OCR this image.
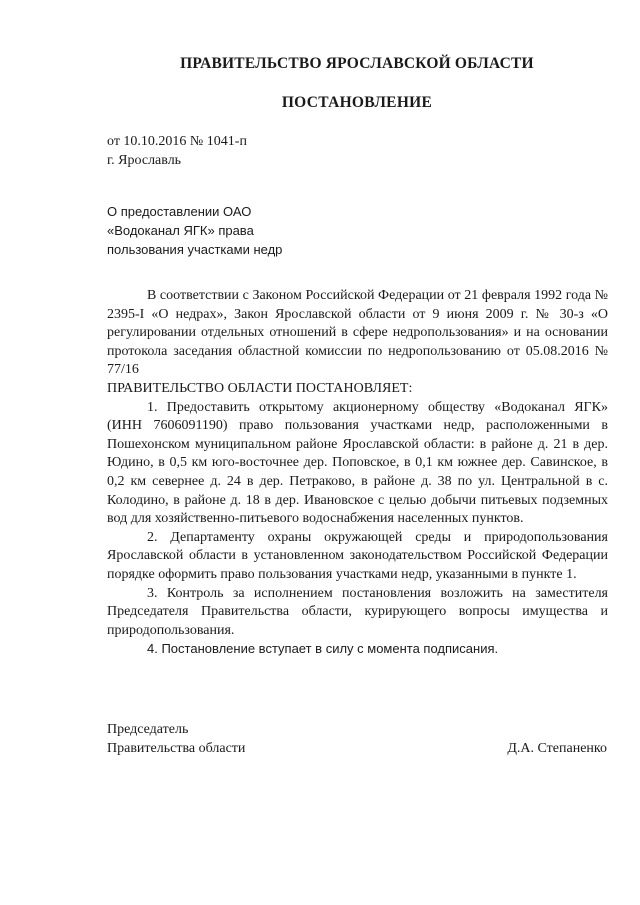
ПРАВИТЕЛЬСТВО ЯРОСЛАВСКОЙ ОБЛАСТИ
ПОСТАНОВЛЕНИЕ
от 10.10.2016 № 1041-п
г. Ярославль
О предоставлении ОАО
«Водоканал ЯГК» права
пользования участками недр

В соответствии с Законом Российской Федерации от 21 февраля 1992 года № 2395-I «О недрах», Закон Ярославской области от 9 июня 2009 г. № 30-з «О регулировании отдельных отношений в сфере недропользования» и на основании протокола заседания областной комиссии по недропользованию от 05.08.2016 № 77/16

ПРАВИТЕЛЬСТВО ОБЛАСТИ ПОСТАНОВЛЯЕТ:

1. Предоставить открытому акционерному обществу «Водоканал ЯГК» (ИНН 7606091190) право пользования участками недр, расположенными в Пошехонском муниципальном районе Ярославской области: в районе д. 21 в дер. Юдино, в 0,5 км юго-восточнее дер. Поповское, в 0,1 км южнее дер. Савинское, в 0,2 км севернее д. 24 в дер. Петраково, в районе д. 38 по ул. Центральной в с. Колодино, в районе д. 18 в дер. Ивановское с целью добычи питьевых подземных вод для хозяйственно-питьевого водоснабжения населенных пунктов.

2. Департаменту охраны окружающей среды и природопользования Ярославской области в установленном законодательством Российской Федерации порядке оформить право пользования участками недр, указанными в пункте 1.

3. Контроль за исполнением постановления возложить на заместителя Председателя Правительства области, курирующего вопросы имущества и природопользования.

4. Постановление вступает в силу с момента подписания.

Председатель
Правительства области	Д.А. Степаненко
